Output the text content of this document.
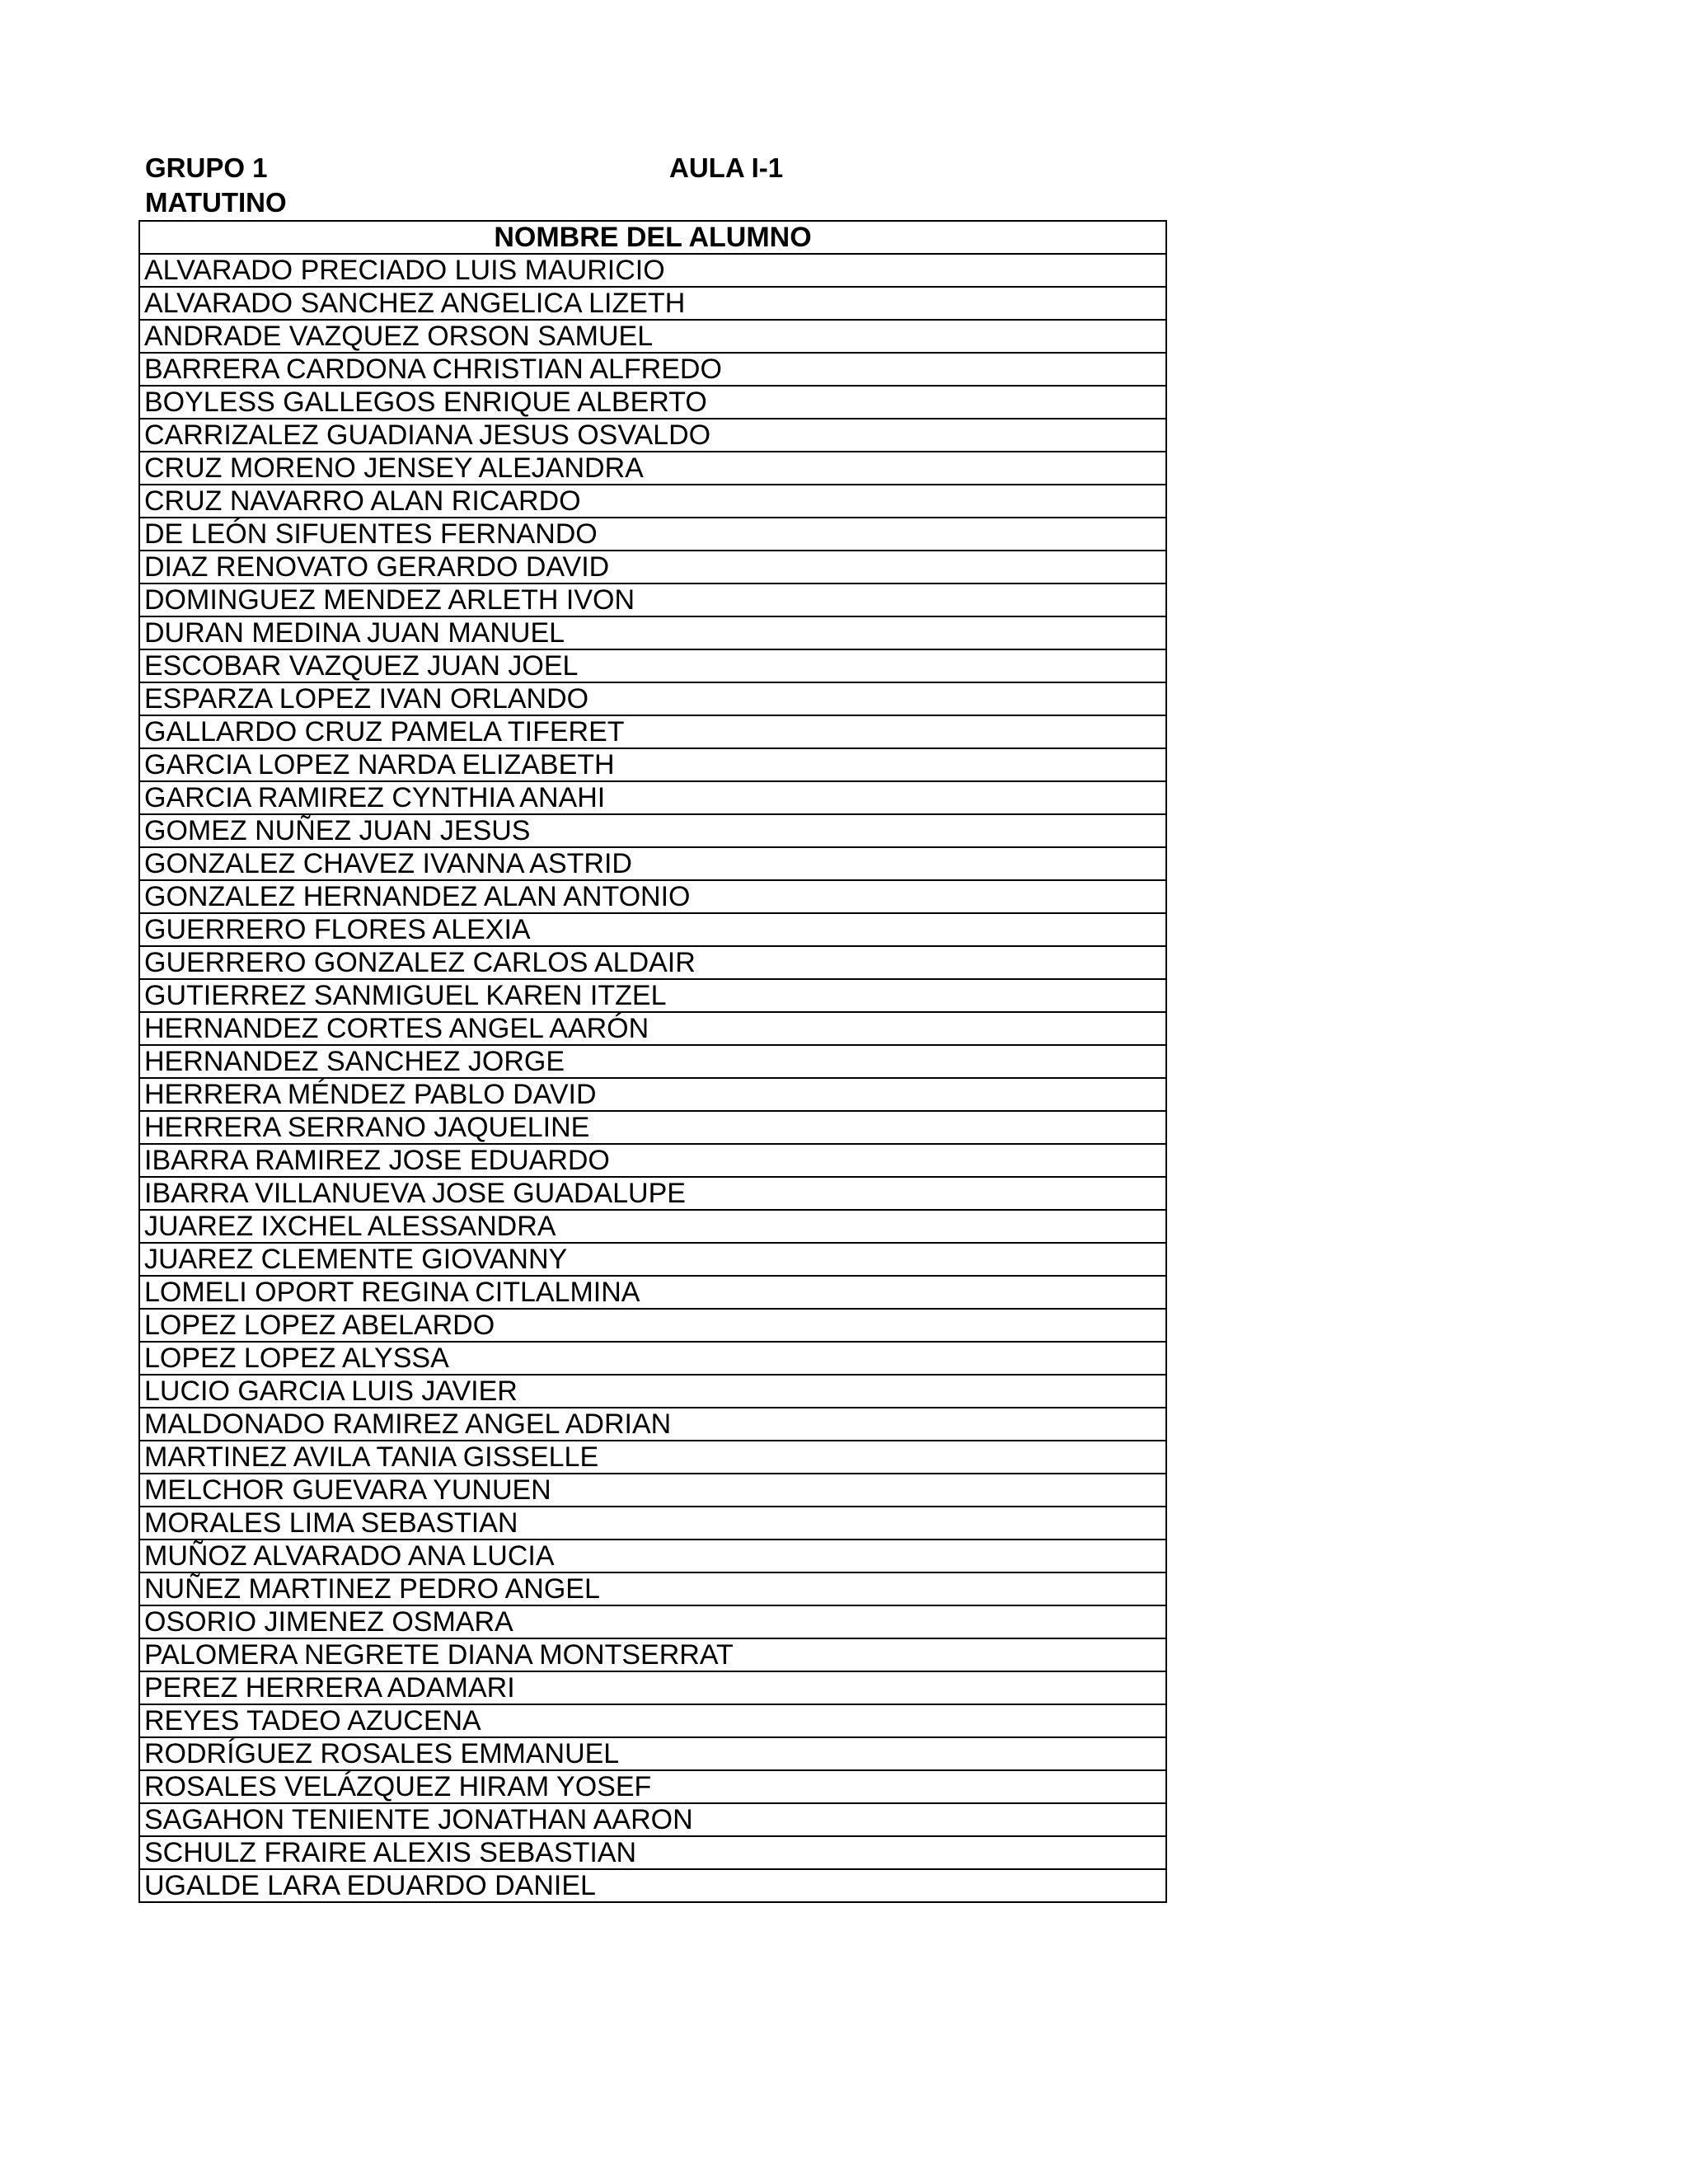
GRUPO 1	AULA I-1
MATUTINO
NOMBRE DEL ALUMNO
ALVARADO PRECIADO LUIS MAURICIO
ALVARADO SANCHEZ ANGELICA LIZETH
ANDRADE VAZQUEZ ORSON SAMUEL
BARRERA CARDONA CHRISTIAN ALFREDO
BOYLESS GALLEGOS ENRIQUE ALBERTO
CARRIZALEZ GUADIANA JESUS OSVALDO
CRUZ MORENO JENSEY ALEJANDRA
CRUZ NAVARRO ALAN RICARDO
DE LEÓN SIFUENTES FERNANDO
DIAZ RENOVATO GERARDO DAVID
DOMINGUEZ MENDEZ ARLETH IVON
DURAN MEDINA JUAN MANUEL
ESCOBAR VAZQUEZ JUAN JOEL
ESPARZA LOPEZ IVAN ORLANDO
GALLARDO CRUZ PAMELA TIFERET
GARCIA LOPEZ NARDA ELIZABETH
GARCIA RAMIREZ CYNTHIA ANAHI
GOMEZ NUÑEZ JUAN JESUS
GONZALEZ CHAVEZ IVANNA ASTRID
GONZALEZ HERNANDEZ ALAN ANTONIO
GUERRERO FLORES ALEXIA
GUERRERO GONZALEZ CARLOS ALDAIR
GUTIERREZ SANMIGUEL KAREN ITZEL
HERNANDEZ CORTES ANGEL AARÓN
HERNANDEZ SANCHEZ JORGE
HERRERA MÉNDEZ PABLO DAVID
HERRERA SERRANO JAQUELINE
IBARRA RAMIREZ JOSE EDUARDO
IBARRA VILLANUEVA JOSE GUADALUPE
JUAREZ IXCHEL ALESSANDRA
JUAREZ CLEMENTE GIOVANNY
LOMELI OPORT REGINA CITLALMINA
LOPEZ LOPEZ ABELARDO
LOPEZ LOPEZ ALYSSA
LUCIO GARCIA LUIS JAVIER
MALDONADO RAMIREZ ANGEL ADRIAN
MARTINEZ AVILA TANIA GISSELLE
MELCHOR GUEVARA YUNUEN
MORALES LIMA SEBASTIAN
MUÑOZ ALVARADO ANA LUCIA
NUÑEZ MARTINEZ PEDRO ANGEL
OSORIO JIMENEZ OSMARA
PALOMERA NEGRETE DIANA MONTSERRAT
PEREZ HERRERA ADAMARI
REYES TADEO AZUCENA
RODRÍGUEZ ROSALES EMMANUEL
ROSALES VELÁZQUEZ HIRAM YOSEF
SAGAHON TENIENTE JONATHAN AARON
SCHULZ FRAIRE ALEXIS SEBASTIAN
UGALDE LARA EDUARDO DANIEL
